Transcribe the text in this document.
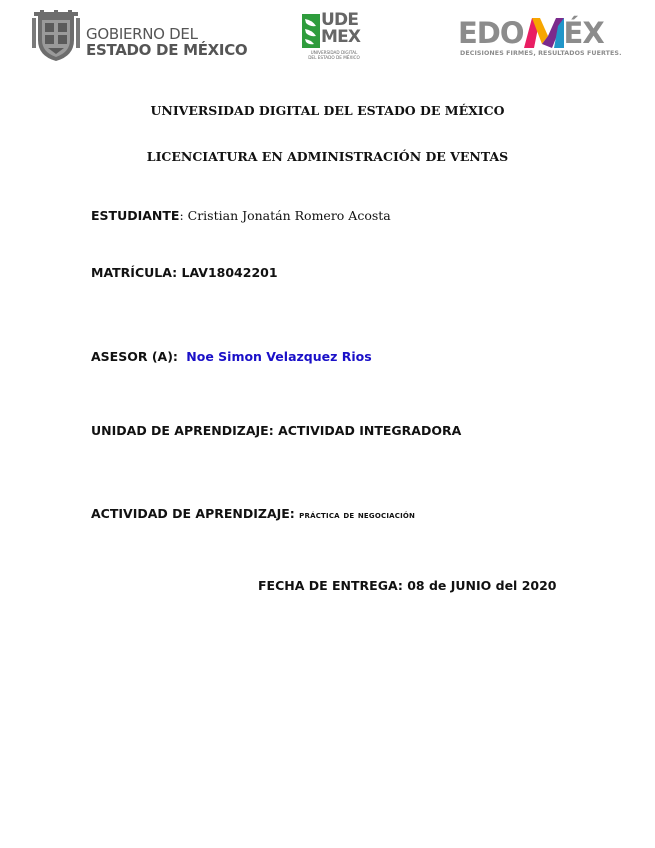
GOBIERNO DEL
ESTADO DE MÉXICO
UDE
MEX
UNIVERSIDAD DIGITAL
DEL ESTADO DE MÉXICO
EDO ÉX
DECISIONES FIRMES, RESULTADOS FUERTES.
UNIVERSIDAD DIGITAL DEL ESTADO DE MÉXICO
LICENCIATURA EN ADMINISTRACIÓN DE VENTAS
ESTUDIANTE: Cristian Jonatán Romero Acosta
MATRÍCULA: LAV18042201
ASESOR (A): Noe Simon Velazquez Rios
UNIDAD DE APRENDIZAJE: ACTIVIDAD INTEGRADORA
ACTIVIDAD DE APRENDIZAJE: práctica de negociación
FECHA DE ENTREGA: 08 de JUNIO del 2020
